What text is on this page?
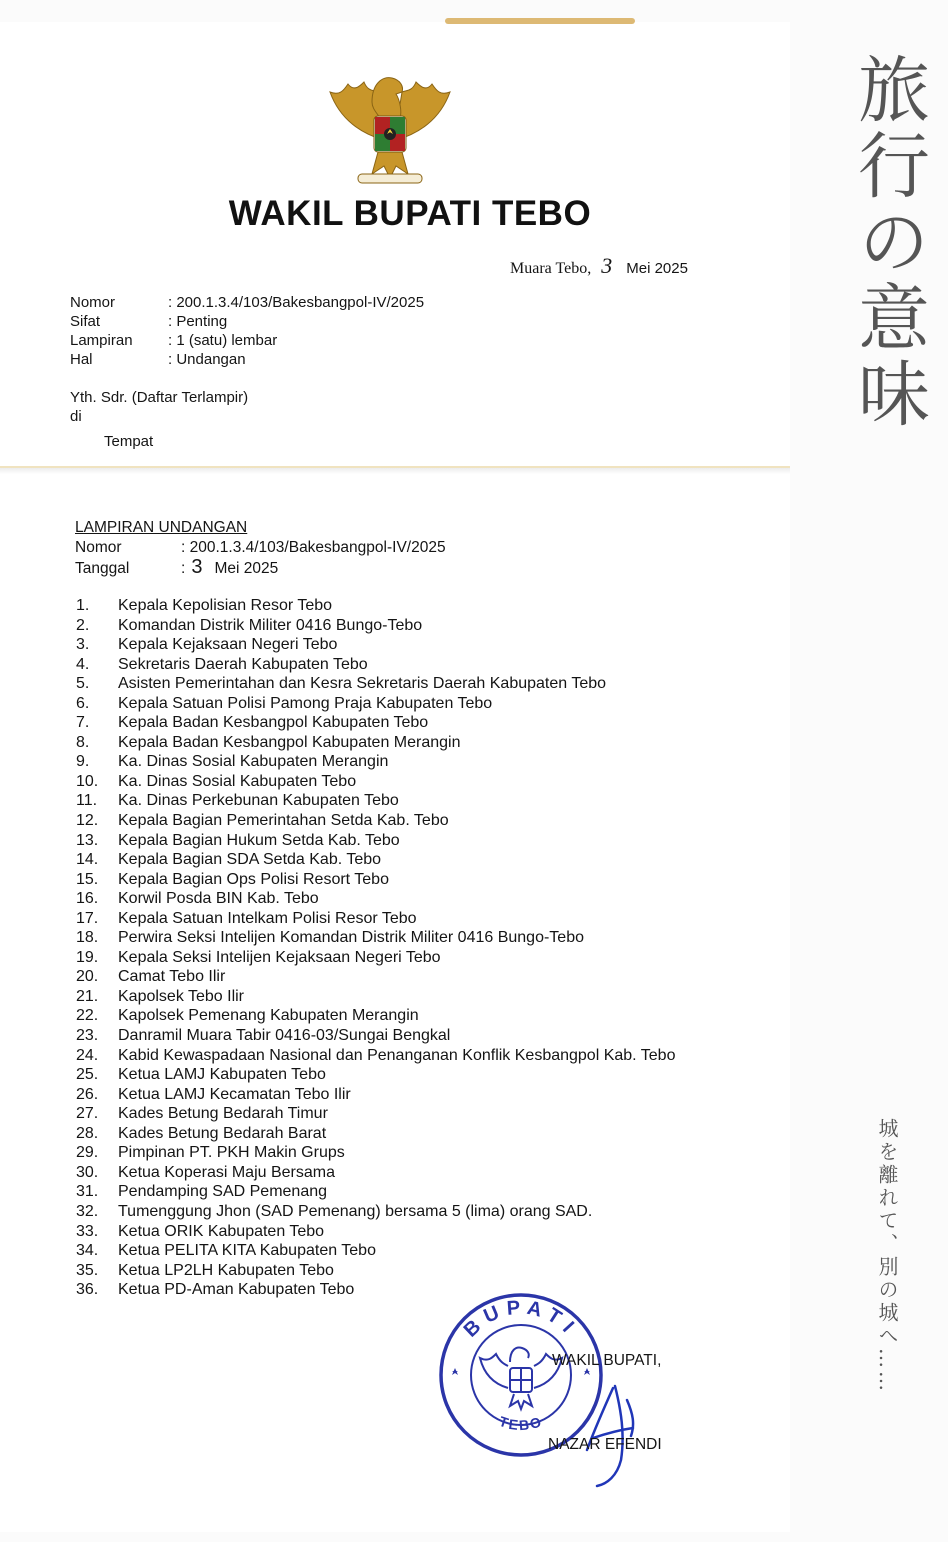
WAKIL BUPATI TEBO
Muara Tebo, 3 Mei 2025
Nomor	: 200.1.3.4/103/Bakesbangpol-IV/2025
Sifat	: Penting
Lampiran : 1 (satu) lembar
Hal	: Undangan
Yth. Sdr. (Daftar Terlampir)
di
Tempat
LAMPIRAN UNDANGAN
Nomor	: 200.1.3.4/103/Bakesbangpol-IV/2025
Tanggal	: 3 Mei 2025
1. Kepala Kepolisian Resor Tebo
2. Komandan Distrik Militer 0416 Bungo-Tebo
3. Kepala Kejaksaan Negeri Tebo
4. Sekretaris Daerah Kabupaten Tebo
5. Asisten Pemerintahan dan Kesra Sekretaris Daerah Kabupaten Tebo
6. Kepala Satuan Polisi Pamong Praja Kabupaten Tebo
7. Kepala Badan Kesbangpol Kabupaten Tebo
8. Kepala Badan Kesbangpol Kabupaten Merangin
9. Ka. Dinas Sosial Kabupaten Merangin
10. Ka. Dinas Sosial Kabupaten Tebo
11. Ka. Dinas Perkebunan Kabupaten Tebo
12. Kepala Bagian Pemerintahan Setda Kab. Tebo
13. Kepala Bagian Hukum Setda Kab. Tebo
14. Kepala Bagian SDA Setda Kab. Tebo
15. Kepala Bagian Ops Polisi Resort Tebo
16. Korwil Posda BIN Kab. Tebo
17. Kepala Satuan Intelkam Polisi Resor Tebo
18. Perwira Seksi Intelijen Komandan Distrik Militer 0416 Bungo-Tebo
19. Kepala Seksi Intelijen Kejaksaan Negeri Tebo
20. Camat Tebo Ilir
21. Kapolsek Tebo Ilir
22. Kapolsek Pemenang Kabupaten Merangin
23. Danramil Muara Tabir 0416-03/Sungai Bengkal
24. Kabid Kewaspadaan Nasional dan Penanganan Konflik Kesbangpol Kab. Tebo
25. Ketua LAMJ Kabupaten Tebo
26. Ketua LAMJ Kecamatan Tebo Ilir
27. Kades Betung Bedarah Timur
28. Kades Betung Bedarah Barat
29. Pimpinan PT. PKH Makin Grups
30. Ketua Koperasi Maju Bersama
31. Pendamping SAD Pemenang
32. Tumenggung Jhon (SAD Pemenang) bersama 5 (lima) orang SAD.
33. Ketua ORIK Kabupaten Tebo
34. Ketua PELITA KITA Kabupaten Tebo
35. Ketua LP2LH Kabupaten Tebo
36. Ketua PD-Aman Kabupaten Tebo
BUPATI
TEBO
WAKIL BUPATI,
NAZAR EFENDI
旅行の意味
城を離れて、別の城へ……
